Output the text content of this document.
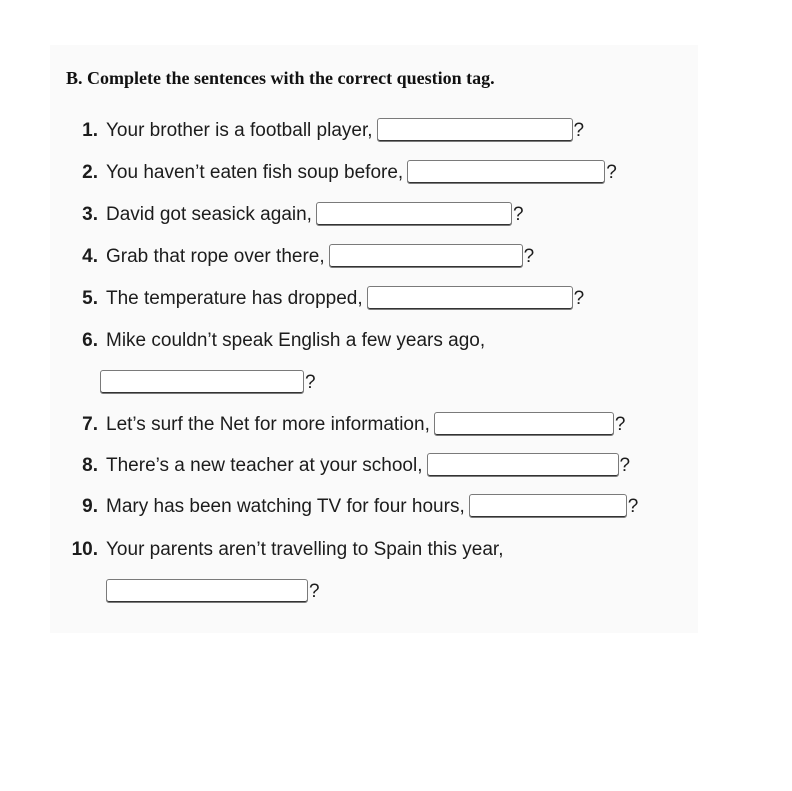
B. Complete the sentences with the correct question tag.
1. Your brother is a football player,	?
2. You haven’t eaten fish soup before,	?
3. David got seasick again,	?
4. Grab that rope over there,	?
5. The temperature has dropped,	?
6. Mike couldn’t speak English a few years ago,
?
7. Let’s surf the Net for more information,	?
8. There’s a new teacher at your school,	?
9. Mary has been watching TV for four hours,	?
10. Your parents aren’t travelling to Spain this year,
?
